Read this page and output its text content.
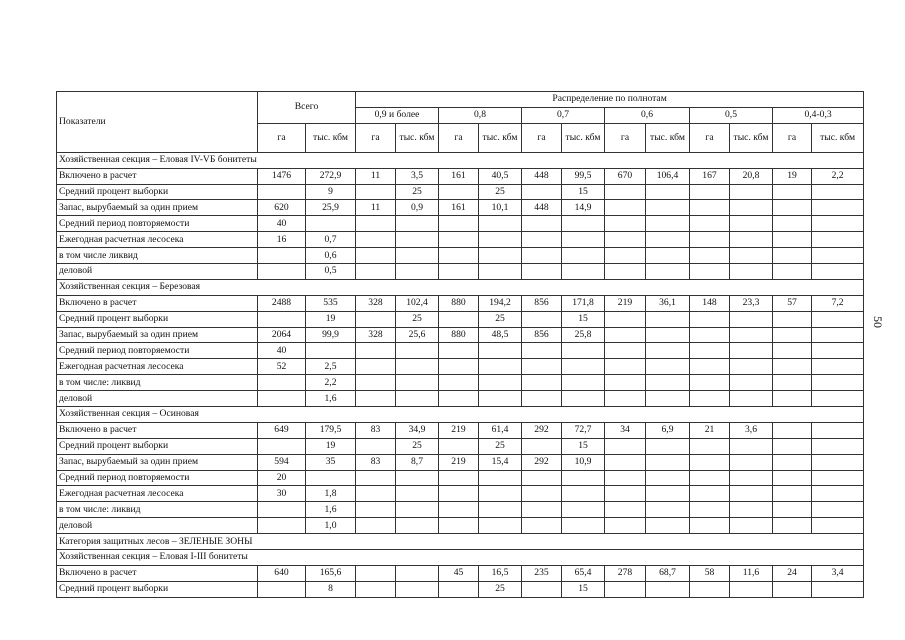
Показатели	Всего		Распределение по полнотам											
			0,9 и более		0,8		0,7		0,6		0,5		0,4-0,3	
	га	тыс. кбм	га	тыс. кбм	га	тыс. кбм	га	тыс. кбм	га	тыс. кбм	га	тыс. кбм	га	тыс. кбм
Хозяйственная секция – Еловая IV-VБ бонитеты														
Включено в расчет	1476	272,9	11	3,5	161	40,5	448	99,5	670	106,4	167	20,8	19	2,2
Средний процент выборки		9		25		25		15						
Запас, вырубаемый за один прием	620	25,9	11	0,9	161	10,1	448	14,9						
Средний период повторяемости	40													
Ежегодная расчетная лесосека	16	0,7												
в том числе ликвид		0,6												
деловой		0,5												
Хозяйственная секция – Березовая														
Включено в расчет	2488	535	328	102,4	880	194,2	856	171,8	219	36,1	148	23,3	57	7,2
Средний процент выборки		19		25		25		15						
Запас, вырубаемый за один прием	2064	99,9	328	25,6	880	48,5	856	25,8						
Средний период повторяемости	40													
Ежегодная расчетная лесосека	52	2,5												
в том числе: ликвид		2,2												
деловой		1,6												
Хозяйственная секция – Осиновая														
Включено в расчет	649	179,5	83	34,9	219	61,4	292	72,7	34	6,9	21	3,6		
Средний процент выборки		19		25		25		15						
Запас, вырубаемый за один прием	594	35	83	8,7	219	15,4	292	10,9						
Средний период повторяемости	20													
Ежегодная расчетная лесосека	30	1,8												
в том числе: ликвид		1,6												
деловой		1,0												
Категория защитных лесов – ЗЕЛЕНЫЕ ЗОНЫ														
Хозяйственная секция – Еловая I-III бонитеты														
Включено в расчет	640	165,6			45	16,5	235	65,4	278	68,7	58	11,6	24	3,4
Средний процент выборки		8				25		15						
50
